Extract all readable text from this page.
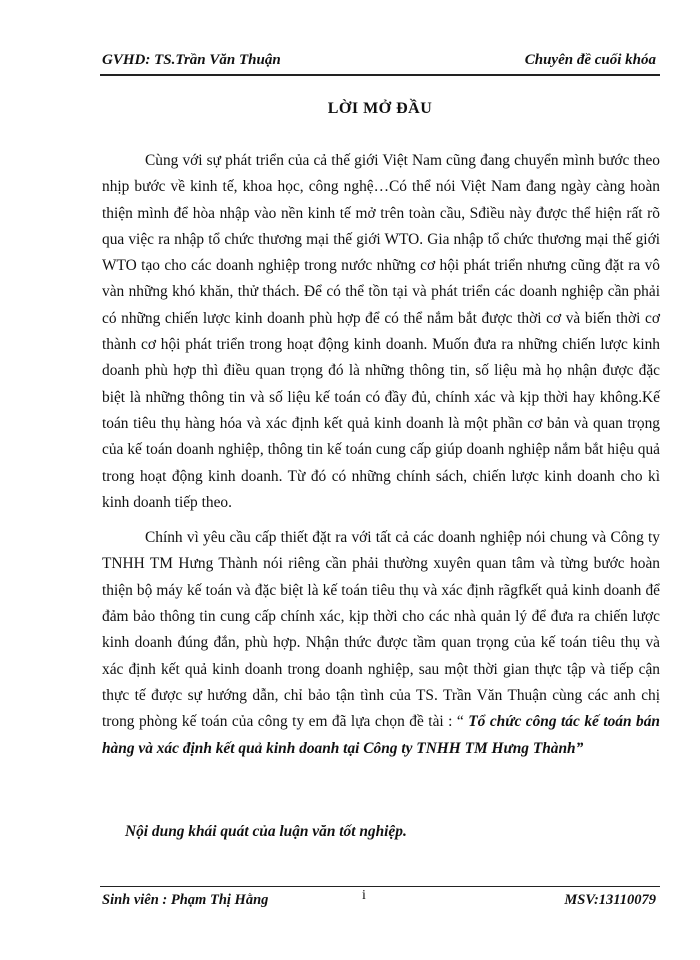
GVHD: TS.Trần Văn Thuận	Chuyên đề cuối khóa
LỜI MỞ ĐẦU

Cùng với sự phát triển của cả thế giới Việt Nam cũng đang chuyển mình bước theo nhịp bước về kinh tế, khoa học, công nghệ…Có thể nói Việt Nam đang ngày càng hoàn thiện mình để hòa nhập vào nền kinh tế mở trên toàn cầu, Sđiều này được thể hiện rất rõ qua việc ra nhập tổ chức thương mại thế giới WTO. Gia nhập tổ chức thương mại thế giới WTO tạo cho các doanh nghiệp trong nước những cơ hội phát triển nhưng cũng đặt ra vô vàn những khó khăn, thử thách. Để có thể tồn tại và phát triển các doanh nghiệp cần phải có những chiến lược kinh doanh phù hợp để có thể nắm bắt được thời cơ và biến thời cơ thành cơ hội phát triển trong hoạt động kinh doanh. Muốn đưa ra những chiến lược kinh doanh phù hợp thì điều quan trọng đó là những thông tin, số liệu mà họ nhận được đặc biệt là những thông tin và số liệu kế toán có đầy đủ, chính xác và kịp thời hay không.Kế toán tiêu thụ hàng hóa và xác định kết quả kinh doanh là một phần cơ bản và quan trọng của kế toán doanh nghiệp, thông tin kế toán cung cấp giúp doanh nghiệp nắm bắt hiệu quả trong hoạt động kinh doanh. Từ đó có những chính sách, chiến lược kinh doanh cho kì kinh doanh tiếp theo.

Chính vì yêu cầu cấp thiết đặt ra với tất cả các doanh nghiệp nói chung và Công ty TNHH TM Hưng Thành nói riêng cần phải thường xuyên quan tâm và từng bước hoàn thiện bộ máy kế toán và đặc biệt là kế toán tiêu thụ và xác định rãgfkết quả kinh doanh để đảm bảo thông tin cung cấp chính xác, kịp thời cho các nhà quản lý để đưa ra chiến lược kinh doanh đúng đắn, phù hợp. Nhận thức được tầm quan trọng của kế toán tiêu thụ và xác định kết quả kinh doanh trong doanh nghiệp, sau một thời gian thực tập và tiếp cận thực tế được sự hướng dẫn, chỉ bảo tận tình của TS. Trần Văn Thuận cùng các anh chị trong phòng kế toán của công ty em đã lựa chọn đề tài : “ Tổ chức công tác kế toán bán hàng và xác định kết quả kinh doanh tại Công ty TNHH TM Hưng Thành”

Nội dung khái quát của luận văn tốt nghiệp.
Sinh viên : Phạm Thị Hằng	i	MSV:13110079
